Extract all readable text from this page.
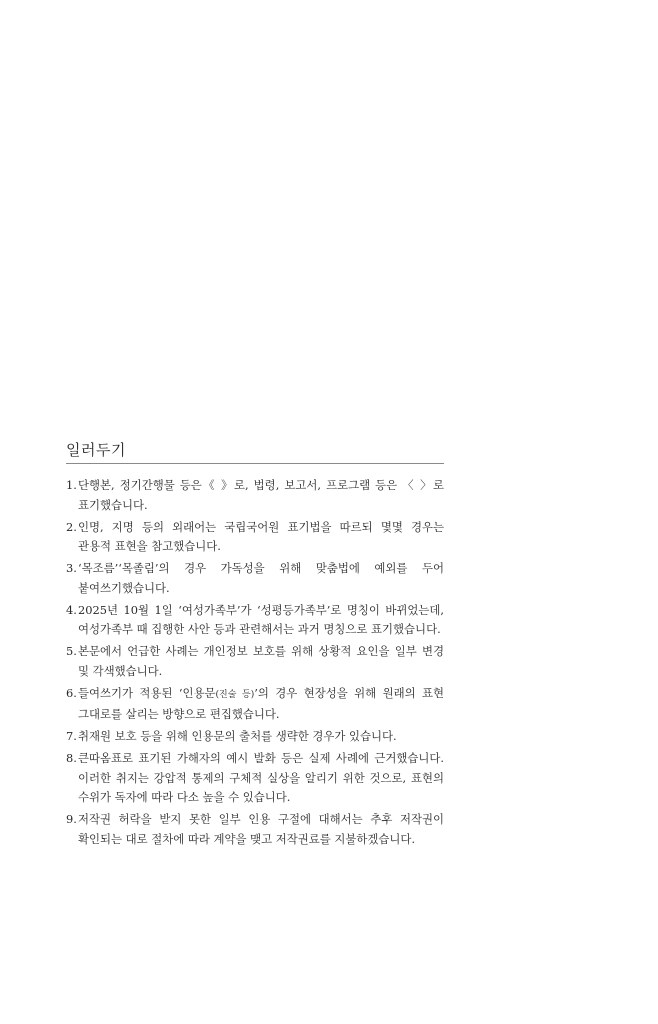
일러두기
1. 단행본, 정기간행물 등은《 》로, 법령, 보고서, 프로그램 등은 〈 〉로 표기했습니다.
2. 인명, 지명 등의 외래어는 국립국어원 표기법을 따르되 몇몇 경우는 관용적 표현을 참고했습니다.
3. ‘목조름’‘목졸림’의 경우 가독성을 위해 맞춤법에 예외를 두어 붙여쓰기했습니다.
4. 2025년 10월 1일 ‘여성가족부’가 ‘성평등가족부’로 명칭이 바뀌었는데, 여성가족부 때 집행한 사안 등과 관련해서는 과거 명칭으로 표기했습니다.
5. 본문에서 언급한 사례는 개인정보 보호를 위해 상황적 요인을 일부 변경 및 각색했습니다.
6. 들여쓰기가 적용된 ‘인용문(진술 등)’의 경우 현장성을 위해 원래의 표현 그대로를 살리는 방향으로 편집했습니다.
7. 취재원 보호 등을 위해 인용문의 출처를 생략한 경우가 있습니다.
8. 큰따옴표로 표기된 가해자의 예시 발화 등은 실제 사례에 근거했습니다. 이러한 취지는 강압적 통제의 구체적 실상을 알리기 위한 것으로, 표현의 수위가 독자에 따라 다소 높을 수 있습니다.
9. 저작권 허락을 받지 못한 일부 인용 구절에 대해서는 추후 저작권이 확인되는 대로 절차에 따라 계약을 맺고 저작권료를 지불하겠습니다.
